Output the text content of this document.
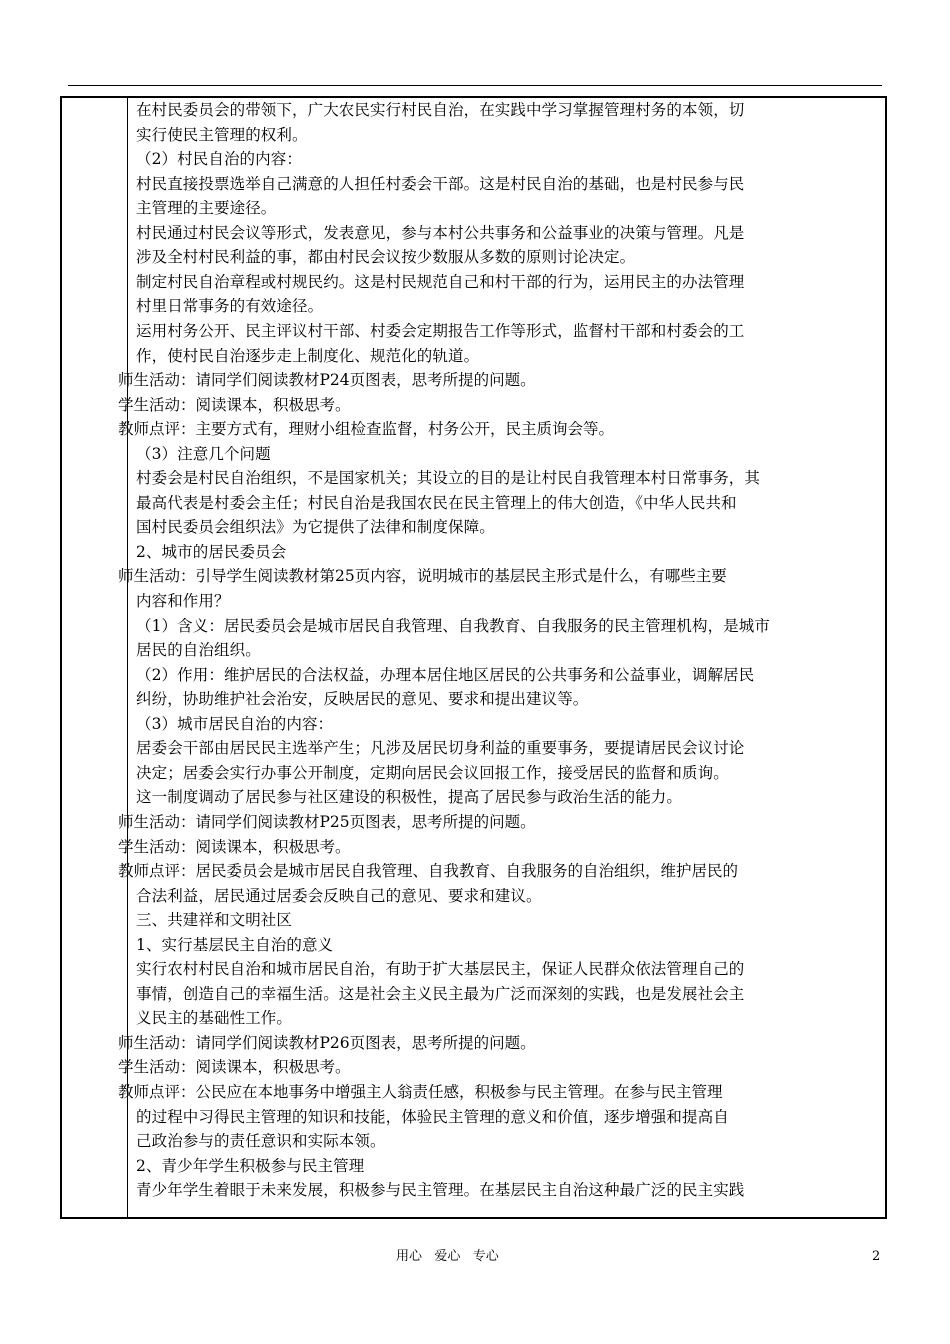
在村民委员会的带领下，广大农民实行村民自治，在实践中学习掌握管理村务的本领，切
实行使民主管理的权利。
（2）村民自治的内容：
村民直接投票选举自己满意的人担任村委会干部。这是村民自治的基础，也是村民参与民
主管理的主要途径。
村民通过村民会议等形式，发表意见，参与本村公共事务和公益事业的决策与管理。凡是
涉及全村村民利益的事，都由村民会议按少数服从多数的原则讨论决定。
制定村民自治章程或村规民约。这是村民规范自己和村干部的行为，运用民主的办法管理
村里日常事务的有效途径。
运用村务公开、民主评议村干部、村委会定期报告工作等形式，监督村干部和村委会的工
作，使村民自治逐步走上制度化、规范化的轨道。
师生活动：请同学们阅读教材P24页图表，思考所提的问题。
学生活动：阅读课本，积极思考。
教师点评：主要方式有，理财小组检查监督，村务公开，民主质询会等。
（3）注意几个问题
村委会是村民自治组织，不是国家机关；其设立的目的是让村民自我管理本村日常事务，其
最高代表是村委会主任；村民自治是我国农民在民主管理上的伟大创造，《中华人民共和
国村民委员会组织法》为它提供了法律和制度保障。
2、城市的居民委员会
师生活动：引导学生阅读教材第25页内容，说明城市的基层民主形式是什么，有哪些主要
内容和作用？
（1）含义：居民委员会是城市居民自我管理、自我教育、自我服务的民主管理机构，是城市
居民的自治组织。
（2）作用：维护居民的合法权益，办理本居住地区居民的公共事务和公益事业，调解居民
纠纷，协助维护社会治安，反映居民的意见、要求和提出建议等。
（3）城市居民自治的内容：
居委会干部由居民民主选举产生；凡涉及居民切身利益的重要事务，要提请居民会议讨论
决定；居委会实行办事公开制度，定期向居民会议回报工作，接受居民的监督和质询。
这一制度调动了居民参与社区建设的积极性，提高了居民参与政治生活的能力。
师生活动：请同学们阅读教材P25页图表，思考所提的问题。
学生活动：阅读课本，积极思考。
教师点评：居民委员会是城市居民自我管理、自我教育、自我服务的自治组织，维护居民的
合法利益，居民通过居委会反映自己的意见、要求和建议。
三、共建祥和文明社区
1、实行基层民主自治的意义
实行农村村民自治和城市居民自治，有助于扩大基层民主，保证人民群众依法管理自己的
事情，创造自己的幸福生活。这是社会主义民主最为广泛而深刻的实践，也是发展社会主
义民主的基础性工作。
师生活动：请同学们阅读教材P26页图表，思考所提的问题。
学生活动：阅读课本，积极思考。
教师点评：公民应在本地事务中增强主人翁责任感，积极参与民主管理。在参与民主管理
的过程中习得民主管理的知识和技能，体验民主管理的意义和价值，逐步增强和提高自
己政治参与的责任意识和实际本领。
2、青少年学生积极参与民主管理
青少年学生着眼于未来发展，积极参与民主管理。在基层民主自治这种最广泛的民主实践
用心   爱心   专心	2
